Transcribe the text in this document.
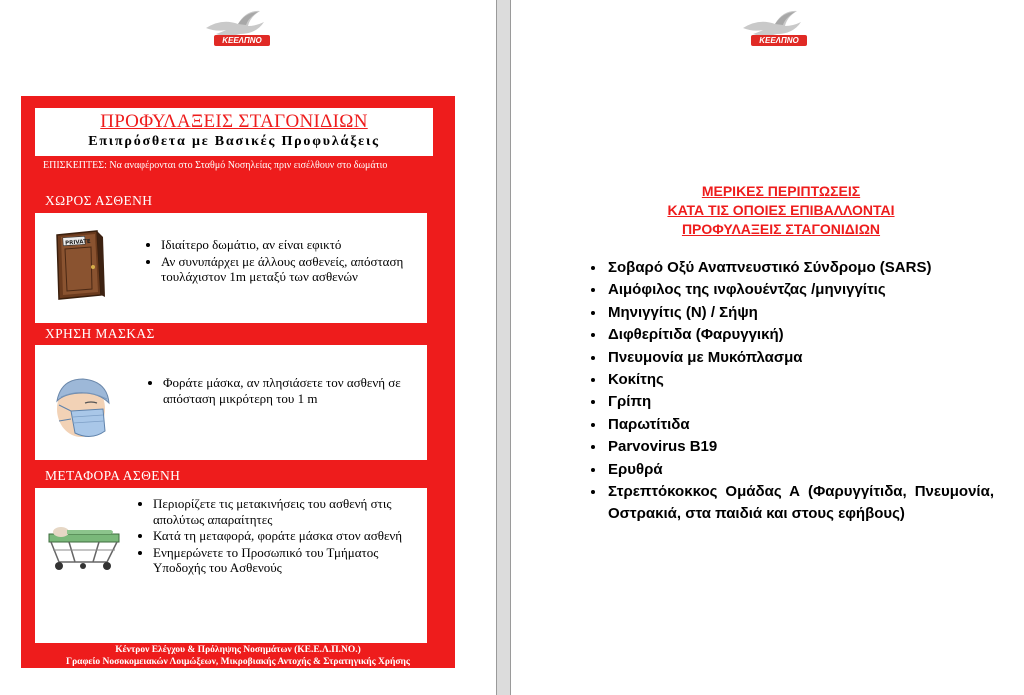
ΚΕΕΛΠΝΟ
ΠΡΟΦΥΛΑΞΕΙΣ ΣΤΑΓΟΝΙΔΙΩΝ
Επιπρόσθετα με Βασικές Προφυλάξεις
ΕΠΙΣΚΕΠΤΕΣ: Να αναφέρονται στο Σταθμό Νοσηλείας πριν εισέλθουν στο δωμάτιο
ΧΩΡΟΣ ΑΣΘΕΝΗ
PRIVATE
•	Ιδιαίτερο δωμάτιο, αν είναι εφικτό
• Αν συνυπάρχει με άλλους ασθενείς, απόσταση τουλάχιστον 1m μεταξύ των ασθενών
ΧΡΗΣΗ ΜΑΣΚΑΣ
• Φοράτε μάσκα, αν πλησιάσετε τον ασθενή σε απόσταση μικρότερη του 1 m
ΜΕΤΑΦΟΡΑ ΑΣΘΕΝΗ
• Περιορίζετε τις μετακινήσεις του ασθενή στις απολύτως απαραίτητες
• Κατά τη μεταφορά, φοράτε μάσκα στον ασθενή
• Ενημερώνετε το Προσωπικό του Τμήματος Υποδοχής του Ασθενούς
Κέντρον Ελέγχου & Πρόληψης Νοσημάτων (ΚΕ.Ε.Λ.Π.ΝΟ.)
Γραφείο Νοσοκομειακών Λοιμώξεων, Μικροβιακής Αντοχής & Στρατηγικής Χρήσης
ΚΕΕΛΠΝΟ
ΜΕΡΙΚΕΣ ΠΕΡΙΠΤΩΣΕΙΣ
ΚΑΤΑ ΤΙΣ ΟΠΟΙΕΣ ΕΠΙΒΑΛΛΟΝΤΑΙ
ΠΡΟΦΥΛΑΞΕΙΣ ΣΤΑΓΟΝΙΔΙΩΝ
• Σοβαρό Οξύ Αναπνευστικό Σύνδρομο (SARS)
• Αιμόφιλος της ινφλουέντζας /μηνιγγίτις
• Μηνιγγίτις (Ν) / Σήψη
• Διφθερίτιδα (Φαρυγγική)
• Πνευμονία με Μυκόπλασμα
• Κοκίτης
• Γρίπη
• Παρωτίτιδα
• Parvovirus B19
• Ερυθρά
• Στρεπτόκοκκος Ομάδας Α (Φαρυγγίτιδα, Πνευμονία, Οστρακιά, στα παιδιά και στους εφήβους)
